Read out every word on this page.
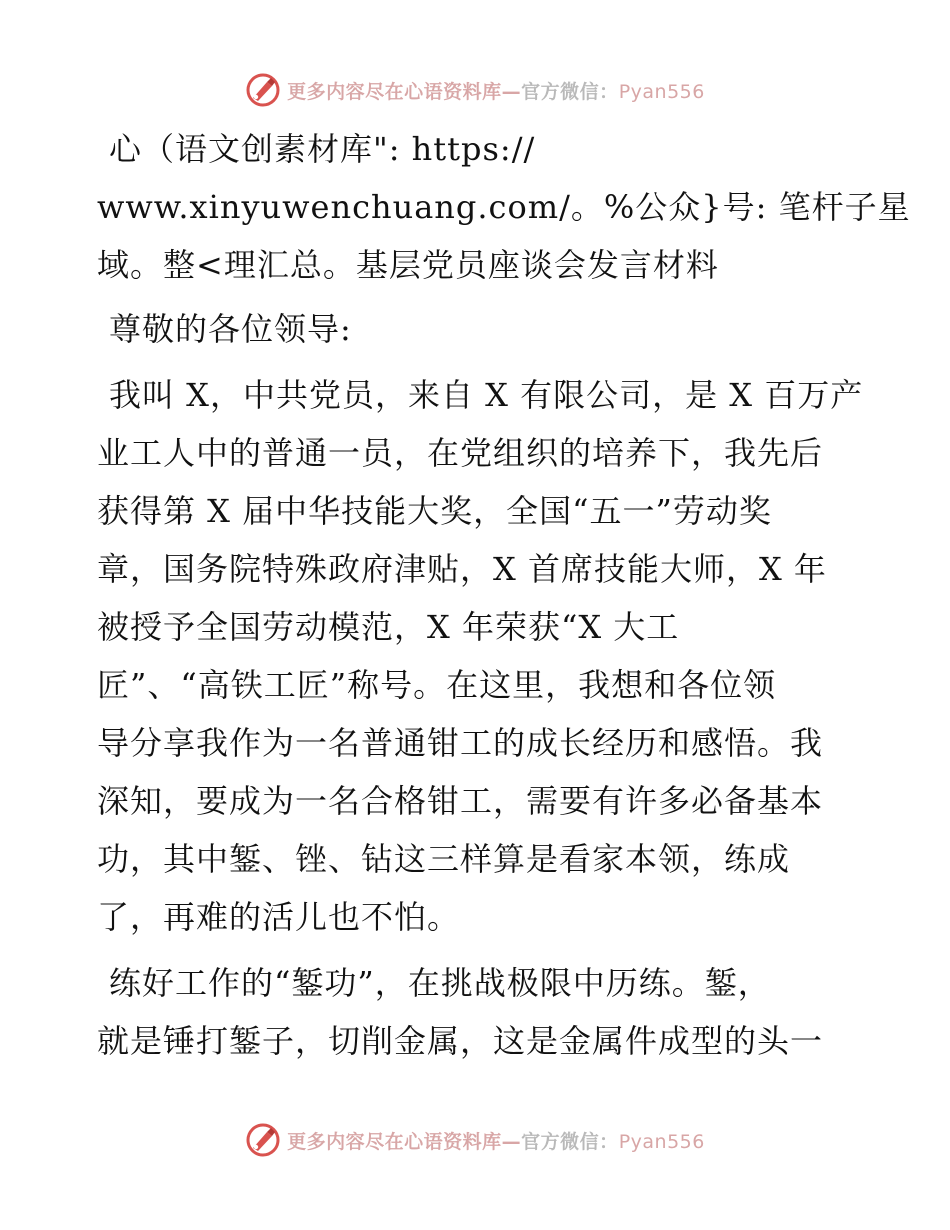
更多内容尽在心语资料库—官方微信：Pyan556
心（语文创素材库": https://
www.xinyuwenchuang.com/。%公众}号: 笔杆子星
域。整<理汇总。基层党员座谈会发言材料
尊敬的各位领导:
我叫 X，中共党员，来自 X 有限公司，是 X 百万产
业工人中的普通一员，在党组织的培养下，我先后
获得第 X 届中华技能大奖，全国“五一”劳动奖
章，国务院特殊政府津贴，X 首席技能大师，X 年
被授予全国劳动模范，X 年荣获“X 大工
匠”、“高铁工匠”称号。在这里，我想和各位领
导分享我作为一名普通钳工的成长经历和感悟。我
深知，要成为一名合格钳工，需要有许多必备基本
功，其中錾、锉、钻这三样算是看家本领，练成
了，再难的活儿也不怕。
练好工作的“錾功”，在挑战极限中历练。錾，
就是锤打錾子，切削金属，这是金属件成型的头一
更多内容尽在心语资料库—官方微信：Pyan556
